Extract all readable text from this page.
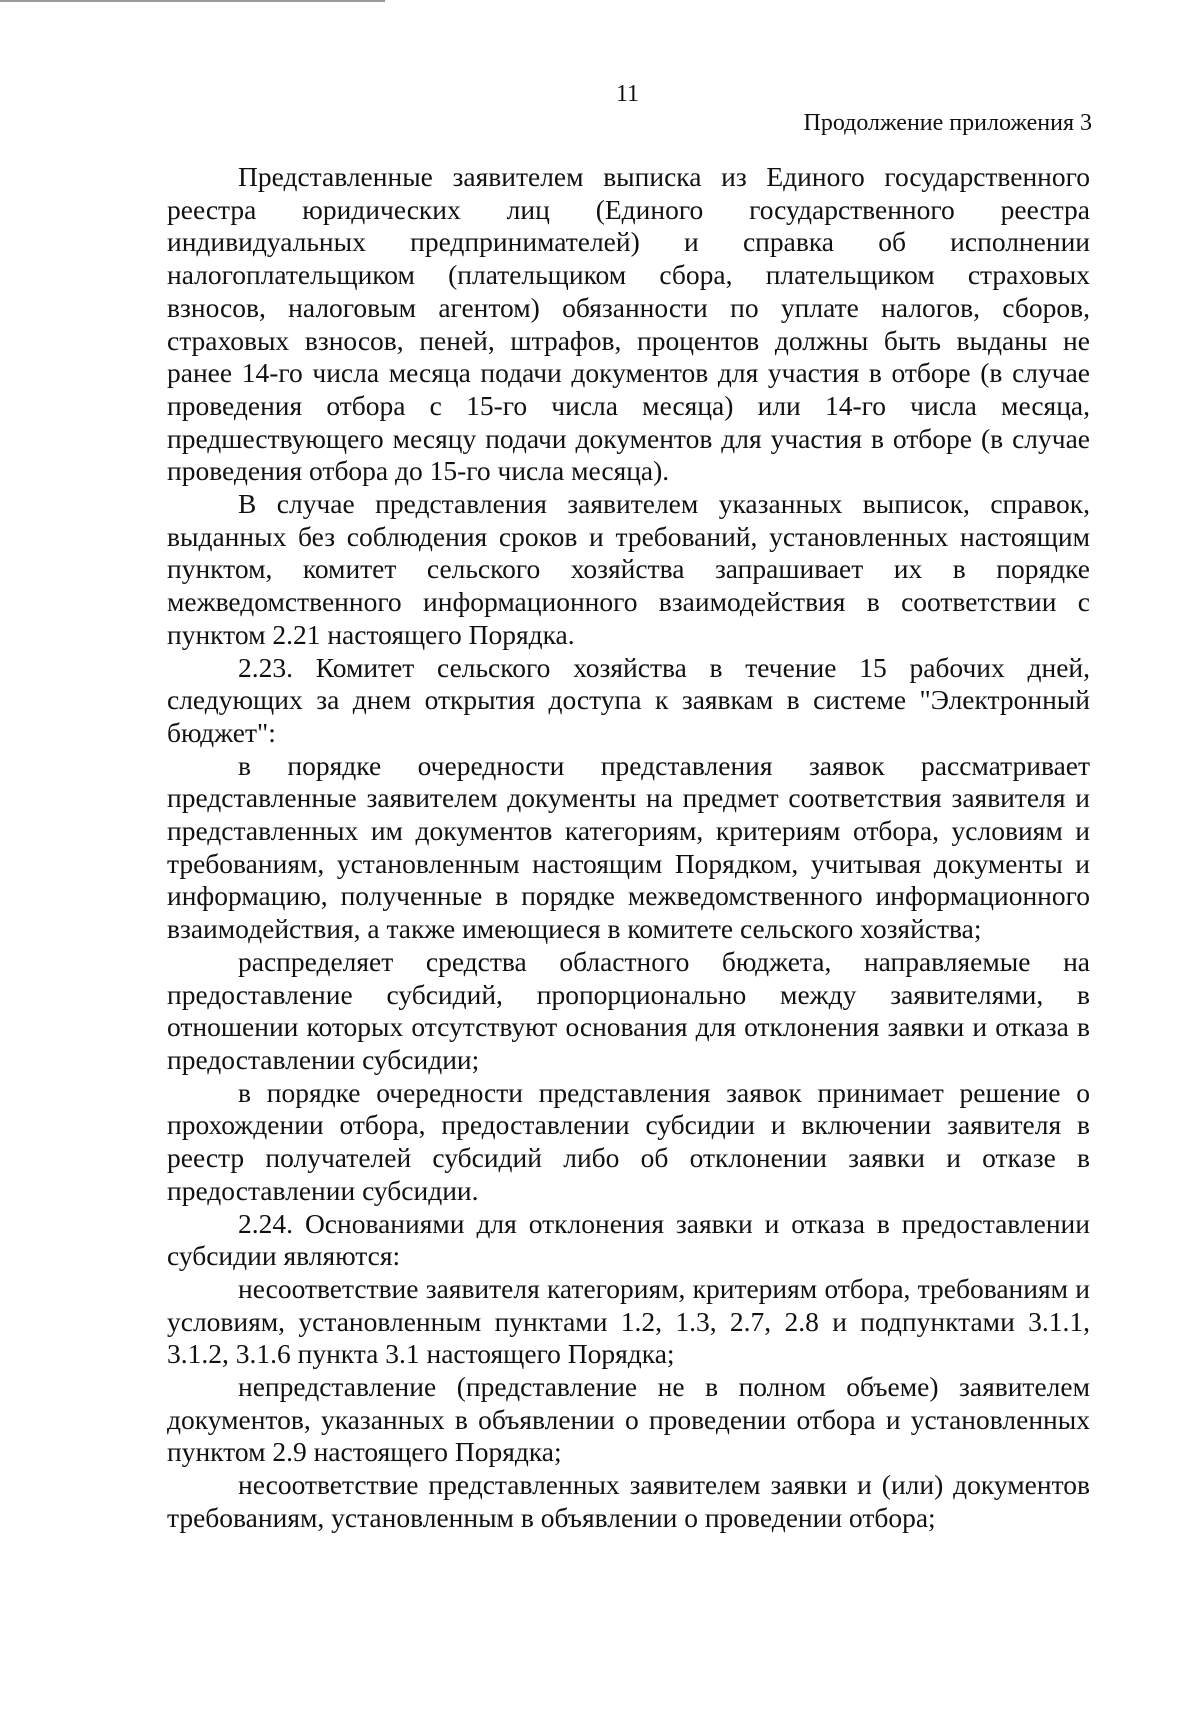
11

Продолжение приложения 3

Представленные заявителем выписка из Единого государственного реестра юридических лиц (Единого государственного реестра индивидуальных предпринимателей) и справка об исполнении налогоплательщиком (плательщиком сбора, плательщиком страховых взносов, налоговым агентом) обязанности по уплате налогов, сборов, страховых взносов, пеней, штрафов, процентов должны быть выданы не ранее 14-го числа месяца подачи документов для участия в отборе (в случае проведения отбора с 15-го числа месяца) или 14-го числа месяца, предшествующего месяцу подачи документов для участия в отборе (в случае проведения отбора до 15-го числа месяца).

В случае представления заявителем указанных выписок, справок, выданных без соблюдения сроков и требований, установленных настоящим пунктом, комитет сельского хозяйства запрашивает их в порядке межведомственного информационного взаимодействия в соответствии с пунктом 2.21 настоящего Порядка.

2.23. Комитет сельского хозяйства в течение 15 рабочих дней, следующих за днем открытия доступа к заявкам в системе "Электронный бюджет":

в порядке очередности представления заявок рассматривает представленные заявителем документы на предмет соответствия заявителя и представленных им документов категориям, критериям отбора, условиям и требованиям, установленным настоящим Порядком, учитывая документы и информацию, полученные в порядке межведомственного информационного взаимодействия, а также имеющиеся в комитете сельского хозяйства;

распределяет средства областного бюджета, направляемые на предоставление субсидий, пропорционально между заявителями, в отношении которых отсутствуют основания для отклонения заявки и отказа в предоставлении субсидии;

в порядке очередности представления заявок принимает решение о прохождении отбора, предоставлении субсидии и включении заявителя в реестр получателей субсидий либо об отклонении заявки и отказе в предоставлении субсидии.

2.24. Основаниями для отклонения заявки и отказа в предоставлении субсидии являются:

несоответствие заявителя категориям, критериям отбора, требованиям и условиям, установленным пунктами 1.2, 1.3, 2.7, 2.8 и подпунктами 3.1.1, 3.1.2, 3.1.6 пункта 3.1 настоящего Порядка;

непредставление (представление не в полном объеме) заявителем документов, указанных в объявлении о проведении отбора и установленных пунктом 2.9 настоящего Порядка;

несоответствие представленных заявителем заявки и (или) документов требованиям, установленным в объявлении о проведении отбора;
